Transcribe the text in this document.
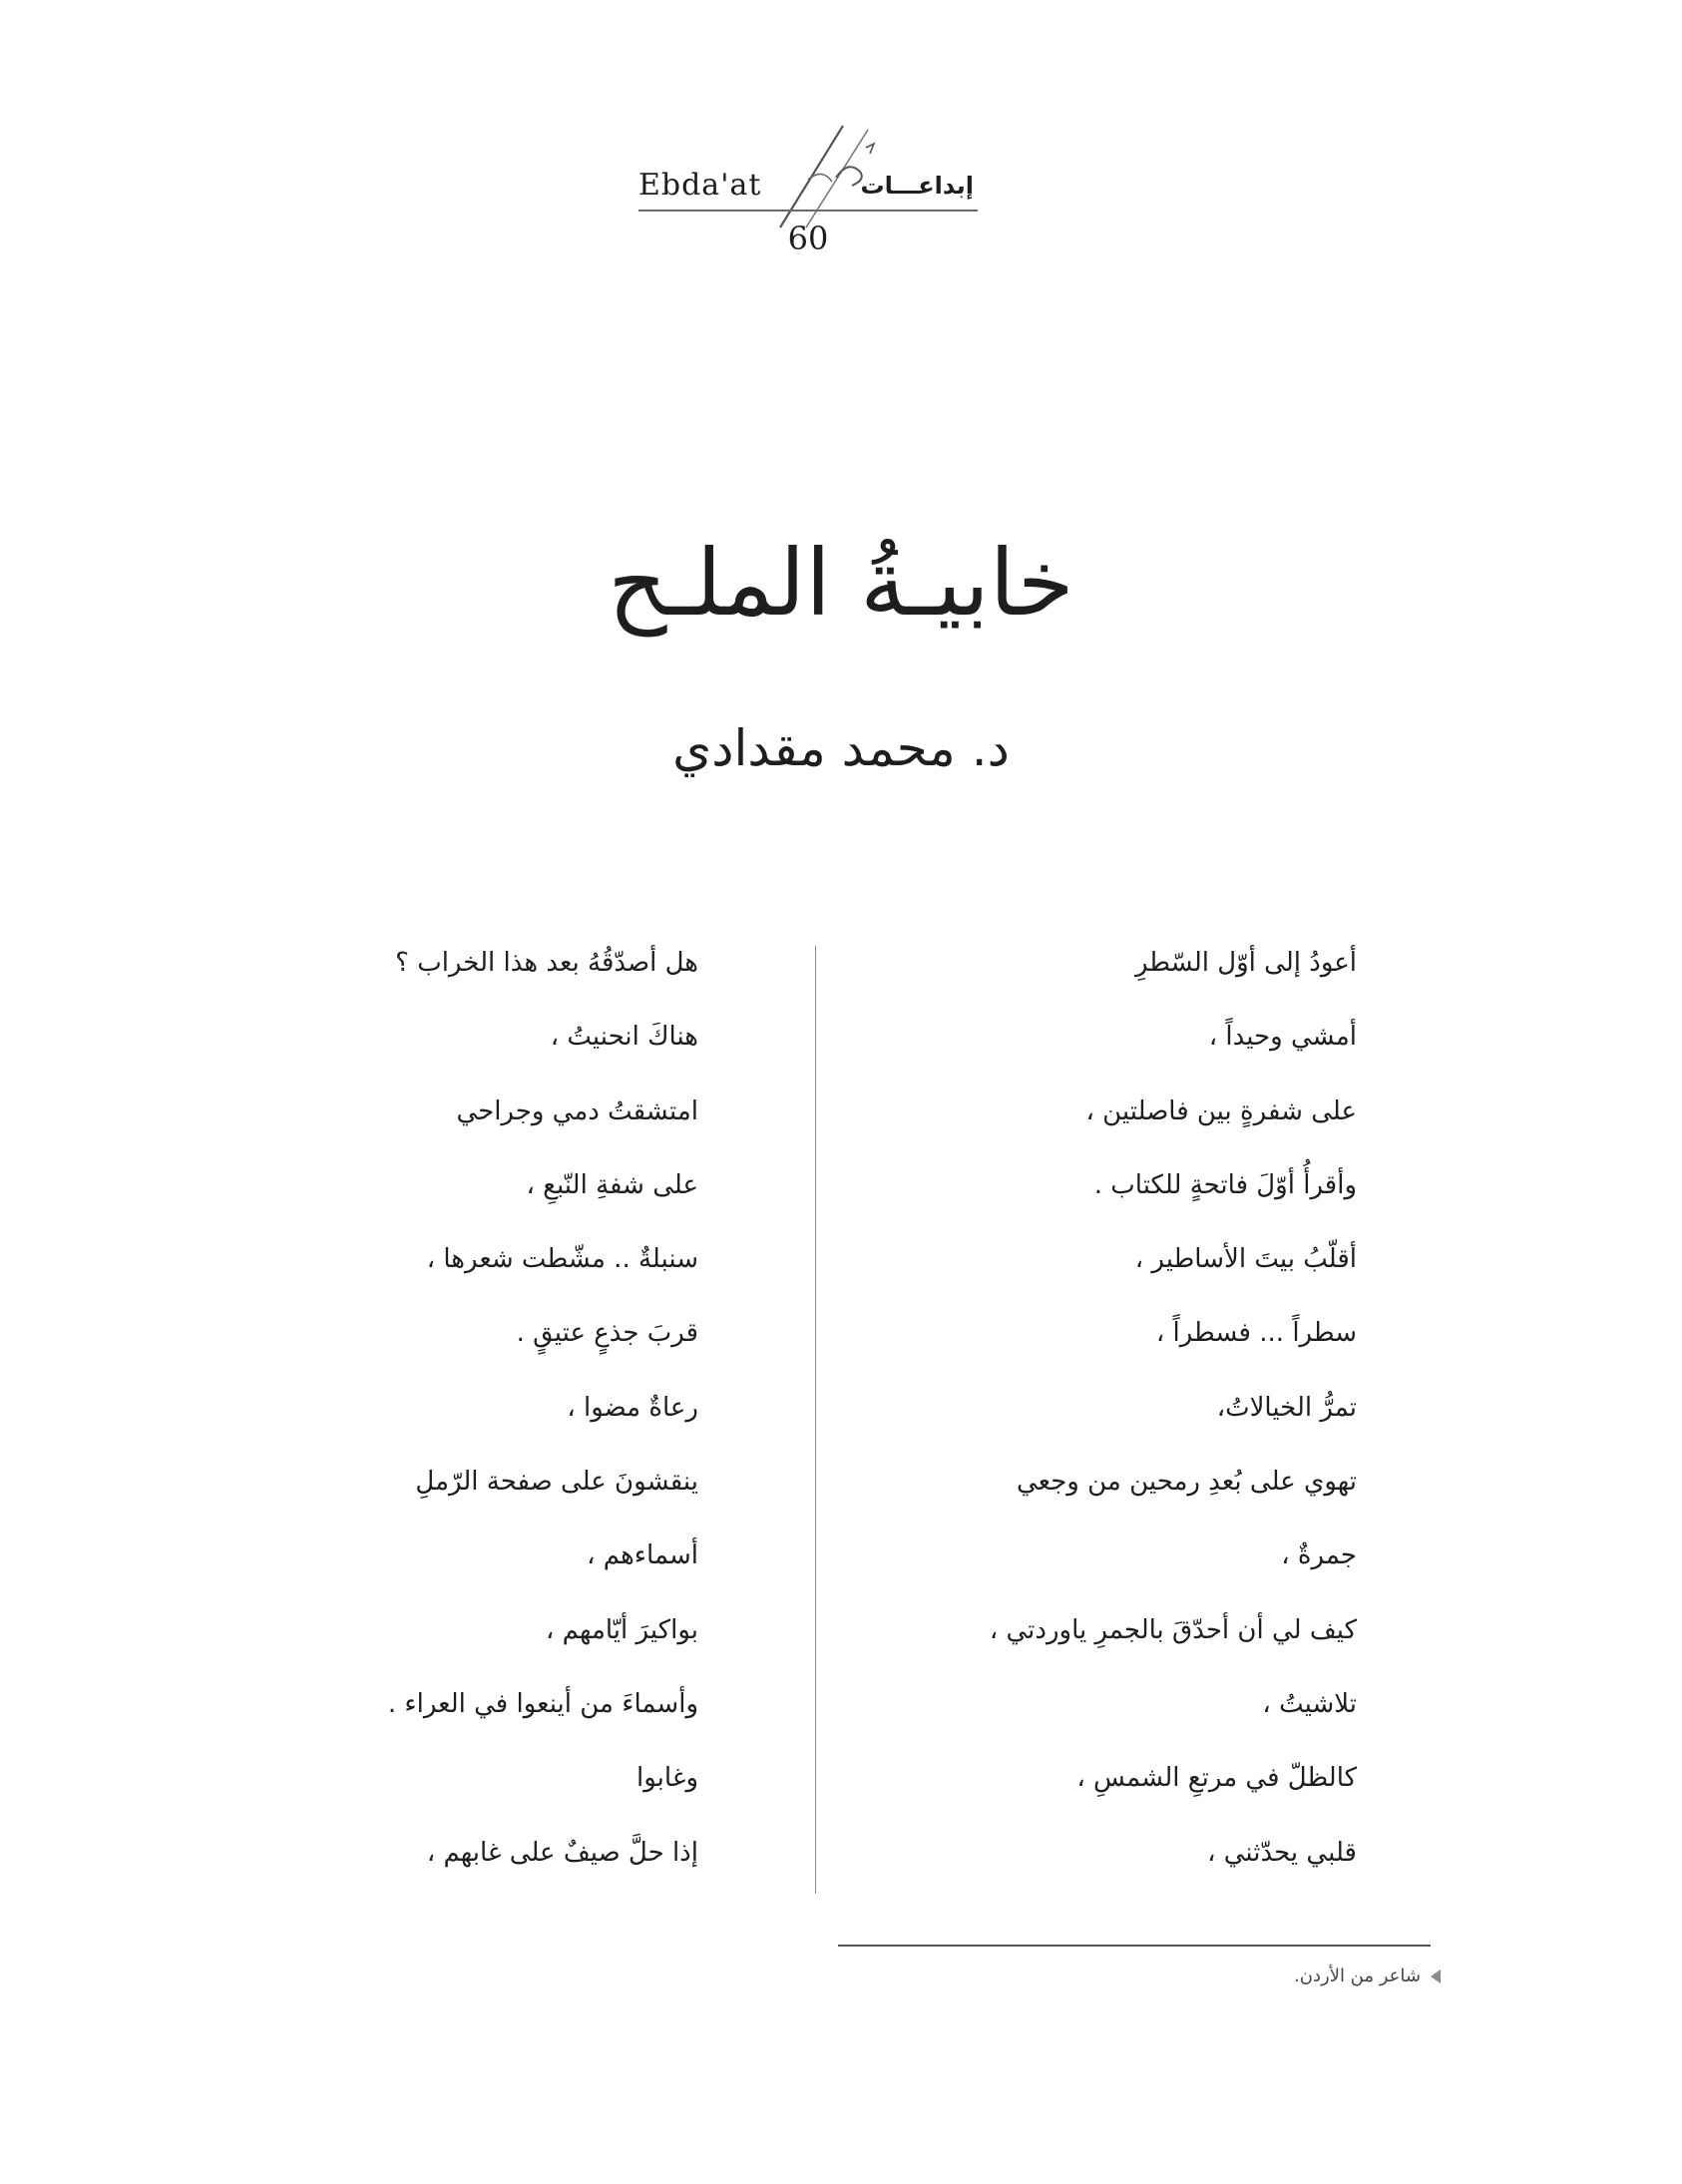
Ebda'at	إبداعـــات
60
خابيـةُ الملـح
د. محمد مقدادي
أعودُ إلى أوّل السّطرِ
أمشي وحيداً ،
على شفرةٍ بين فاصلتين ،
وأقرأُ أوّلَ فاتحةٍ للكتاب .
أقلّبُ بيتَ الأساطير ،
سطراً ... فسطراً ،
تمرُّ الخيالاتُ،
تهوي على بُعدِ رمحين من وجعي
جمرةٌ ،
كيف لي أن أحدّقَ بالجمرِ ياوردتي ،
تلاشيتُ ،
كالظلّ في مرتعِ الشمسِ ،
قلبي يحدّثني ،
هل أصدّقُهُ بعد هذا الخراب ؟
هناكَ انحنيتُ ،
امتشقتُ دمي وجراحي
على شفةِ النّبعِ ،
سنبلةٌ .. مشّطت شعرها ،
قربَ جذعٍ عتيقٍ .
رعاةٌ مضوا ،
ينقشونَ على صفحة الرّملِ
أسماءهم ،
بواكيرَ أيّامهم ،
وأسماءَ من أينعوا في العراء .
وغابوا
إذا حلَّ صيفٌ على غابهم ،
شاعر من الأردن.
